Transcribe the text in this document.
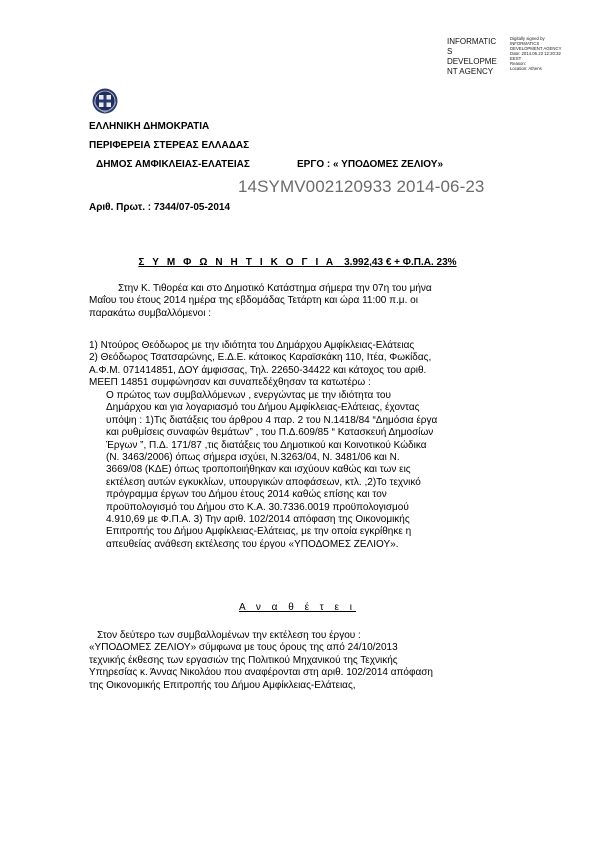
INFORMATIC
S
DEVELOPME
NT AGENCY
Digitally signed by
INFORMATICS
DEVELOPMENT AGENCY
Date: 2014.06.23 12:20:32
EEST
Reason:
Location: Athens
ΕΛΛΗΝΙΚΗ ΔΗΜΟΚΡΑΤΙΑ
ΠΕΡΙΦΕΡΕΙΑ ΣΤΕΡΕΑΣ ΕΛΛΑΔΑΣ
ΔΗΜΟΣ ΑΜΦΙΚΛΕΙΑΣ-ΕΛΑΤΕΙΑΣ	ΕΡΓΟ : « ΥΠΟΔΟΜΕΣ ΖΕΛΙΟΥ»
14SYMV002120933 2014-06-23
Αριθ. Πρωτ. : 7344/07-05-2014
Σ Υ Μ Φ Ω Ν Η Τ Ι Κ Ο Γ Ι Α 3.992,43 € + Φ.Π.Α. 23%
Στην Κ. Τιθορέα και στο Δημοτικό Κατάστημα σήμερα την 07η του μήνα
Μαΐου του έτους 2014 ημέρα της εβδομάδας Τετάρτη και ώρα 11:00 π.μ. οι
παρακάτω συμβαλλόμενοι :
1) Ντούρος Θεόδωρος με την ιδιότητα του Δημάρχου Αμφίκλειας-Ελάτειας
2) Θεόδωρος Τσατσαρώνης, Ε.Δ.Ε. κάτοικος Καραϊσκάκη 110, Ιτέα, Φωκίδας,
Α.Φ.Μ. 071414851, ΔΟΥ άμφισσας, Τηλ. 22650-34422 και κάτοχος του αριθ.
ΜΕΕΠ 14851 συμφώνησαν και συναπεδέχθησαν τα κατωτέρω :
Ο πρώτος των συμβαλλόμενων , ενεργώντας με την ιδιότητα του
Δημάρχου και για λογαριασμό του Δήμου Αμφίκλειας-Ελάτειας, έχοντας
υπόψη : 1)Τις διατάξεις του άρθρου 4 παρ. 2 του Ν.1418/84 “Δημόσια έργα
και ρυθμίσεις συναφών θεμάτων” , του Π.Δ.609/85 “ Κατασκευή Δημοσίων
Έργων ”, Π.Δ. 171/87 ,τις διατάξεις του Δημοτικού και Κοινοτικού Κώδικα
(Ν. 3463/2006) όπως σήμερα ισχύει, Ν.3263/04, Ν. 3481/06 και Ν.
3669/08 (ΚΔΕ) όπως τροποποιήθηκαν και ισχύουν καθώς και των εις
εκτέλεση αυτών εγκυκλίων, υπουργικών αποφάσεων, κτλ. ,2)Το τεχνικό
πρόγραμμα έργων του Δήμου έτους 2014 καθώς επίσης και τον
προϋπολογισμό του Δήμου στο Κ.Α. 30.7336.0019 προϋπολογισμού
4.910,69 με Φ.Π.Α. 3) Την αριθ. 102/2014 απόφαση της Οικονομικής
Επιτροπής του Δήμου Αμφίκλειας-Ελάτειας, με την οποία εγκρίθηκε η
απευθείας ανάθεση εκτέλεσης του έργου «ΥΠΟΔΟΜΕΣ ΖΕΛΙΟΥ».
Α ν α θ έ τ ε ι
Στον δεύτερο των συμβαλλομένων την εκτέλεση του έργου :
«ΥΠΟΔΟΜΕΣ ΖΕΛΙΟΥ» σύμφωνα με τους όρους της από 24/10/2013
τεχνικής έκθεσης των εργασιών της Πολιτικού Μηχανικού της Τεχνικής
Υπηρεσίας κ. Άννας Νικολάου που αναφέρονται στη αριθ. 102/2014 απόφαση
της Οικονομικής Επιτροπής του Δήμου Αμφίκλειας-Ελάτειας,
